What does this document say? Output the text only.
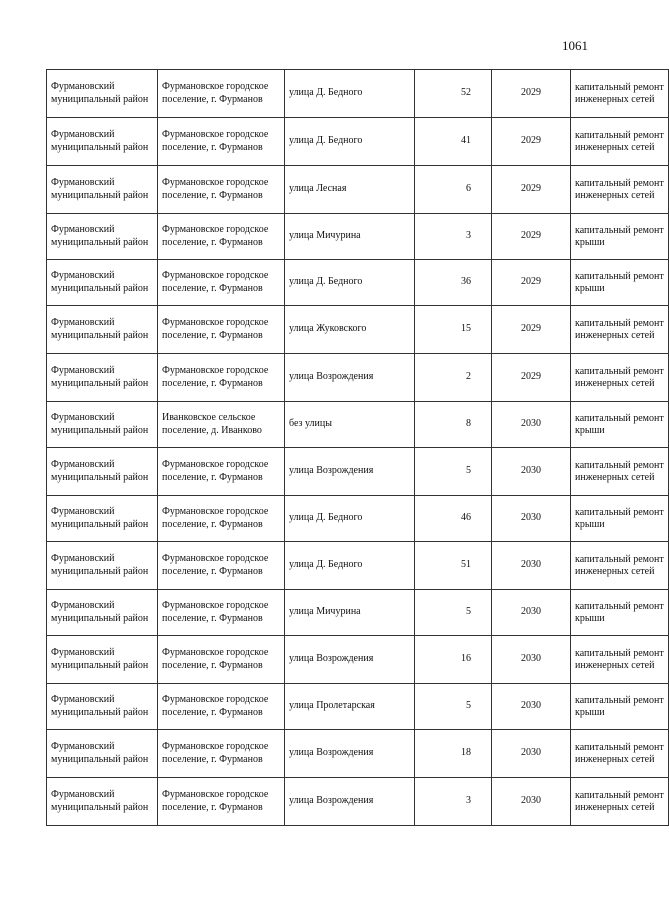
1061
Фурмановский муниципальный район	Фурмановское городское поселение, г. Фурманов	улица Д. Бедного	52	2029	капитальный ремонт инженерных сетей
Фурмановский муниципальный район	Фурмановское городское поселение, г. Фурманов	улица Д. Бедного	41	2029	капитальный ремонт инженерных сетей
Фурмановский муниципальный район	Фурмановское городское поселение, г. Фурманов	улица Лесная	6	2029	капитальный ремонт инженерных сетей
Фурмановский муниципальный район	Фурмановское городское поселение, г. Фурманов	улица Мичурина	3	2029	капитальный ремонт крыши
Фурмановский муниципальный район	Фурмановское городское поселение, г. Фурманов	улица Д. Бедного	36	2029	капитальный ремонт крыши
Фурмановский муниципальный район	Фурмановское городское поселение, г. Фурманов	улица Жуковского	15	2029	капитальный ремонт инженерных сетей
Фурмановский муниципальный район	Фурмановское городское поселение, г. Фурманов	улица Возрождения	2	2029	капитальный ремонт инженерных сетей
Фурмановский муниципальный район	Иванковское сельское поселение, д. Иванково	без улицы	8	2030	капитальный ремонт крыши
Фурмановский муниципальный район	Фурмановское городское поселение, г. Фурманов	улица Возрождения	5	2030	капитальный ремонт инженерных сетей
Фурмановский муниципальный район	Фурмановское городское поселение, г. Фурманов	улица Д. Бедного	46	2030	капитальный ремонт крыши
Фурмановский муниципальный район	Фурмановское городское поселение, г. Фурманов	улица Д. Бедного	51	2030	капитальный ремонт инженерных сетей
Фурмановский муниципальный район	Фурмановское городское поселение, г. Фурманов	улица Мичурина	5	2030	капитальный ремонт крыши
Фурмановский муниципальный район	Фурмановское городское поселение, г. Фурманов	улица Возрождения	16	2030	капитальный ремонт инженерных сетей
Фурмановский муниципальный район	Фурмановское городское поселение, г. Фурманов	улица Пролетарская	5	2030	капитальный ремонт крыши
Фурмановский муниципальный район	Фурмановское городское поселение, г. Фурманов	улица Возрождения	18	2030	капитальный ремонт инженерных сетей
Фурмановский муниципальный район	Фурмановское городское поселение, г. Фурманов	улица Возрождения	3	2030	капитальный ремонт инженерных сетей
